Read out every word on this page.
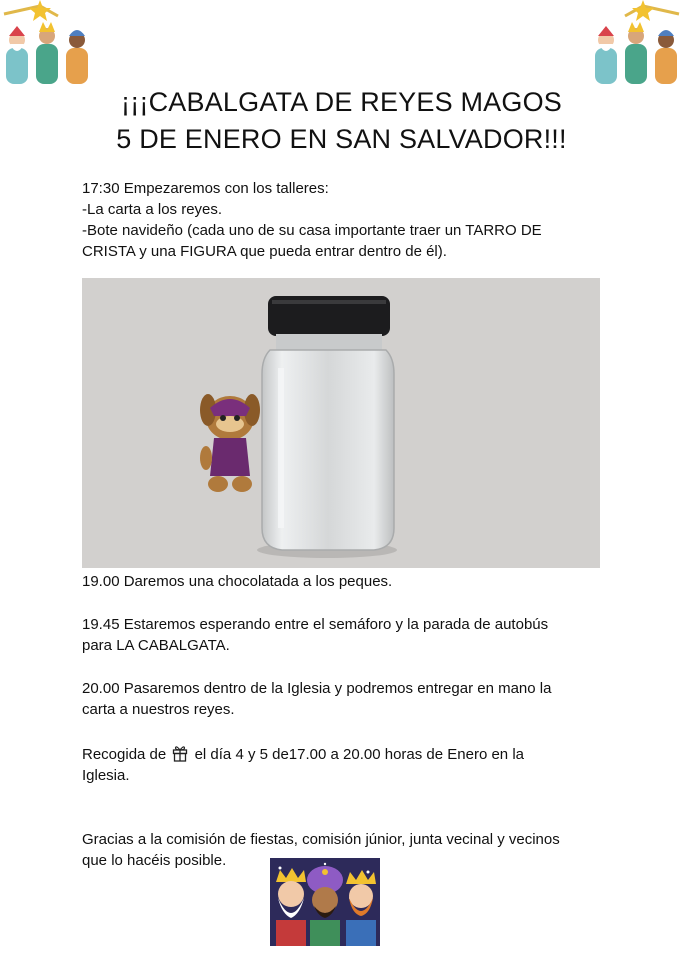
¡¡¡CABALGATA DE REYES MAGOS
5 DE ENERO EN SAN SALVADOR!!!
17:30 Empezaremos con los talleres:
-La carta a los reyes.
-Bote navideño (cada uno de su casa importante traer un TARRO DE
CRISTA y una FIGURA que pueda entrar dentro de él).
19.00 Daremos una chocolatada a los peques.
19.45 Estaremos esperando entre el semáforo y la parada de autobús
para LA CABALGATA.
20.00 Pasaremos dentro de la Iglesia y podremos entregar en mano la
carta a nuestros reyes.
Recogida de el día 4 y 5 de17.00 a 20.00 horas de Enero en la
Iglesia.
Gracias a la comisión de fiestas, comisión júnior, junta vecinal y vecinos
que lo hacéis posible.
